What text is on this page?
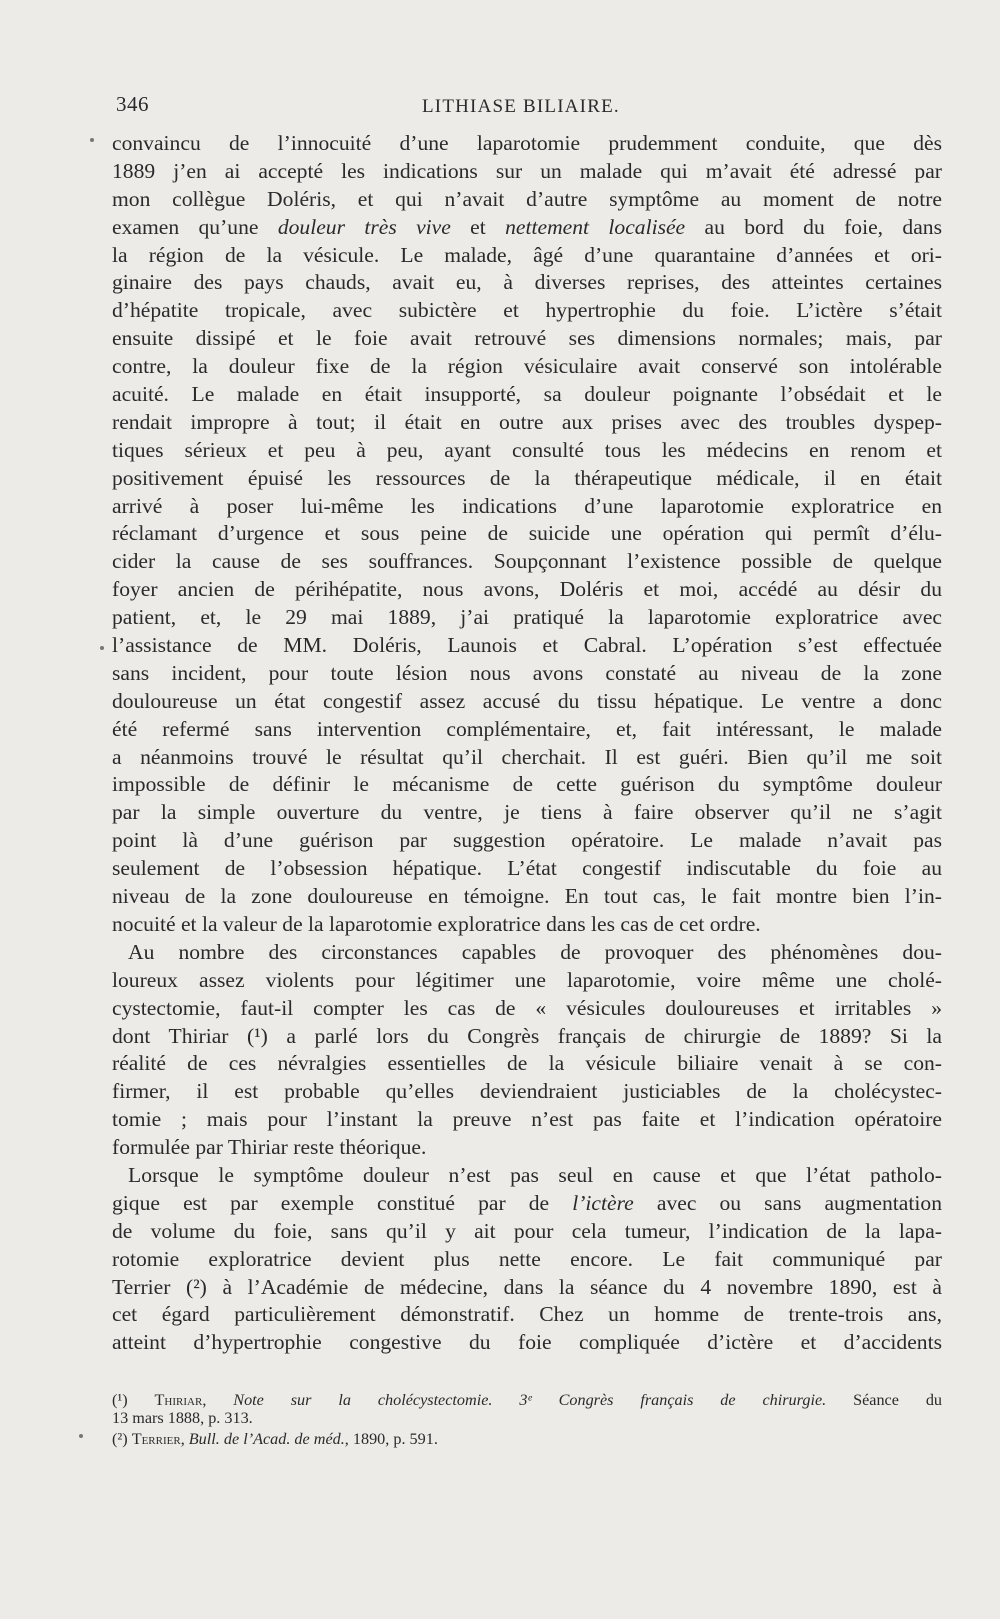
346	LITHIASE BILIAIRE.
convaincu de l’innocuité d’une laparotomie prudemment conduite, que dès
1889 j’en ai accepté les indications sur un malade qui m’avait été adressé par
mon collègue Doléris, et qui n’avait d’autre symptôme au moment de notre
examen qu’une douleur très vive et nettement localisée au bord du foie, dans
la région de la vésicule. Le malade, âgé d’une quarantaine d’années et ori-
ginaire des pays chauds, avait eu, à diverses reprises, des atteintes certaines
d’hépatite tropicale, avec subictère et hypertrophie du foie. L’ictère s’était
ensuite dissipé et le foie avait retrouvé ses dimensions normales; mais, par
contre, la douleur fixe de la région vésiculaire avait conservé son intolérable
acuité. Le malade en était insupporté, sa douleur poignante l’obsédait et le
rendait impropre à tout; il était en outre aux prises avec des troubles dyspep-
tiques sérieux et peu à peu, ayant consulté tous les médecins en renom et
positivement épuisé les ressources de la thérapeutique médicale, il en était
arrivé à poser lui-même les indications d’une laparotomie exploratrice en
réclamant d’urgence et sous peine de suicide une opération qui permît d’élu-
cider la cause de ses souffrances. Soupçonnant l’existence possible de quelque
foyer ancien de périhépatite, nous avons, Doléris et moi, accédé au désir du
patient, et, le 29 mai 1889, j’ai pratiqué la laparotomie exploratrice avec
l’assistance de MM. Doléris, Launois et Cabral. L’opération s’est effectuée
sans incident, pour toute lésion nous avons constaté au niveau de la zone
douloureuse un état congestif assez accusé du tissu hépatique. Le ventre a donc
été refermé sans intervention complémentaire, et, fait intéressant, le malade
a néanmoins trouvé le résultat qu’il cherchait. Il est guéri. Bien qu’il me soit
impossible de définir le mécanisme de cette guérison du symptôme douleur
par la simple ouverture du ventre, je tiens à faire observer qu’il ne s’agit
point là d’une guérison par suggestion opératoire. Le malade n’avait pas
seulement de l’obsession hépatique. L’état congestif indiscutable du foie au
niveau de la zone douloureuse en témoigne. En tout cas, le fait montre bien l’in-
nocuité et la valeur de la laparotomie exploratrice dans les cas de cet ordre.
Au nombre des circonstances capables de provoquer des phénomènes dou-
loureux assez violents pour légitimer une laparotomie, voire même une cholé-
cystectomie, faut-il compter les cas de « vésicules douloureuses et irritables »
dont Thiriar (¹) a parlé lors du Congrès français de chirurgie de 1889? Si la
réalité de ces névralgies essentielles de la vésicule biliaire venait à se con-
firmer, il est probable qu’elles deviendraient justiciables de la cholécystec-
tomie ; mais pour l’instant la preuve n’est pas faite et l’indication opératoire
formulée par Thiriar reste théorique.
Lorsque le symptôme douleur n’est pas seul en cause et que l’état patholo-
gique est par exemple constitué par de l’ictère avec ou sans augmentation
de volume du foie, sans qu’il y ait pour cela tumeur, l’indication de la lapa-
rotomie exploratrice devient plus nette encore. Le fait communiqué par
Terrier (²) à l’Académie de médecine, dans la séance du 4 novembre 1890, est à
cet égard particulièrement démonstratif. Chez un homme de trente-trois ans,
atteint d’hypertrophie congestive du foie compliquée d’ictère et d’accidents
(¹) Thiriar, Note sur la cholécystectomie. 3ᵉ Congrès français de chirurgie. Séance du
13 mars 1888, p. 313.
(²) Terrier, Bull. de l’Acad. de méd., 1890, p. 591.
